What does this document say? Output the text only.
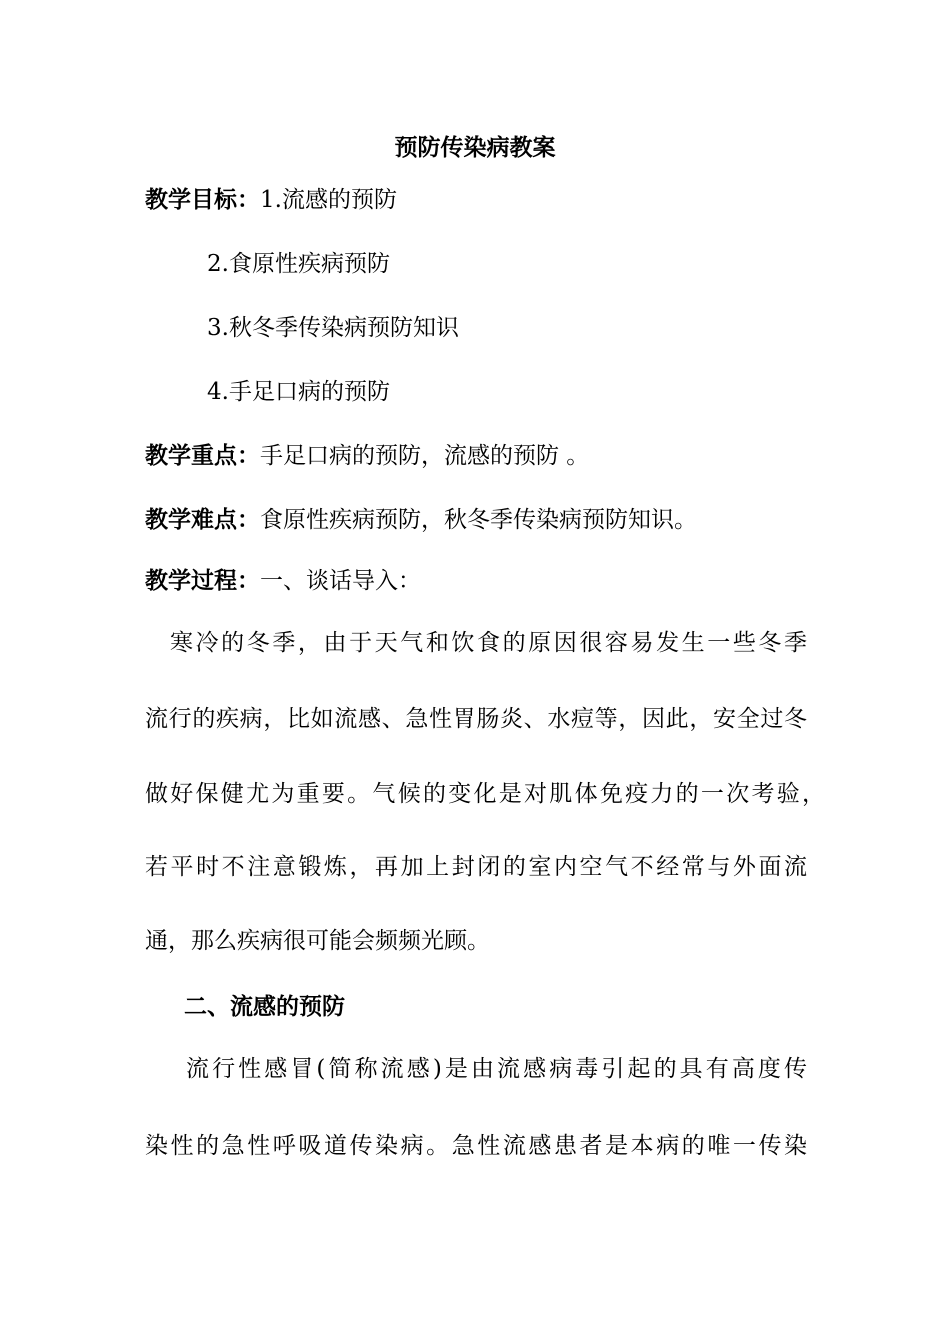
预防传染病教案
教学目标：1.流感的预防
2.食原性疾病预防
3.秋冬季传染病预防知识
4.手足口病的预防
教学重点：手足口病的预防，流感的预防 。
教学难点：食原性疾病预防，秋冬季传染病预防知识。
教学过程：一、谈话导入：
寒冷的冬季，由于天气和饮食的原因很容易发生一些冬季
流行的疾病，比如流感、急性胃肠炎、水痘等，因此，安全过冬
做好保健尤为重要。气候的变化是对肌体免疫力的一次考验，
若平时不注意锻炼，再加上封闭的室内空气不经常与外面流
通，那么疾病很可能会频频光顾。
二、流感的预防
流行性感冒(简称流感)是由流感病毒引起的具有高度传
染性的急性呼吸道传染病。急性流感患者是本病的唯一传染
